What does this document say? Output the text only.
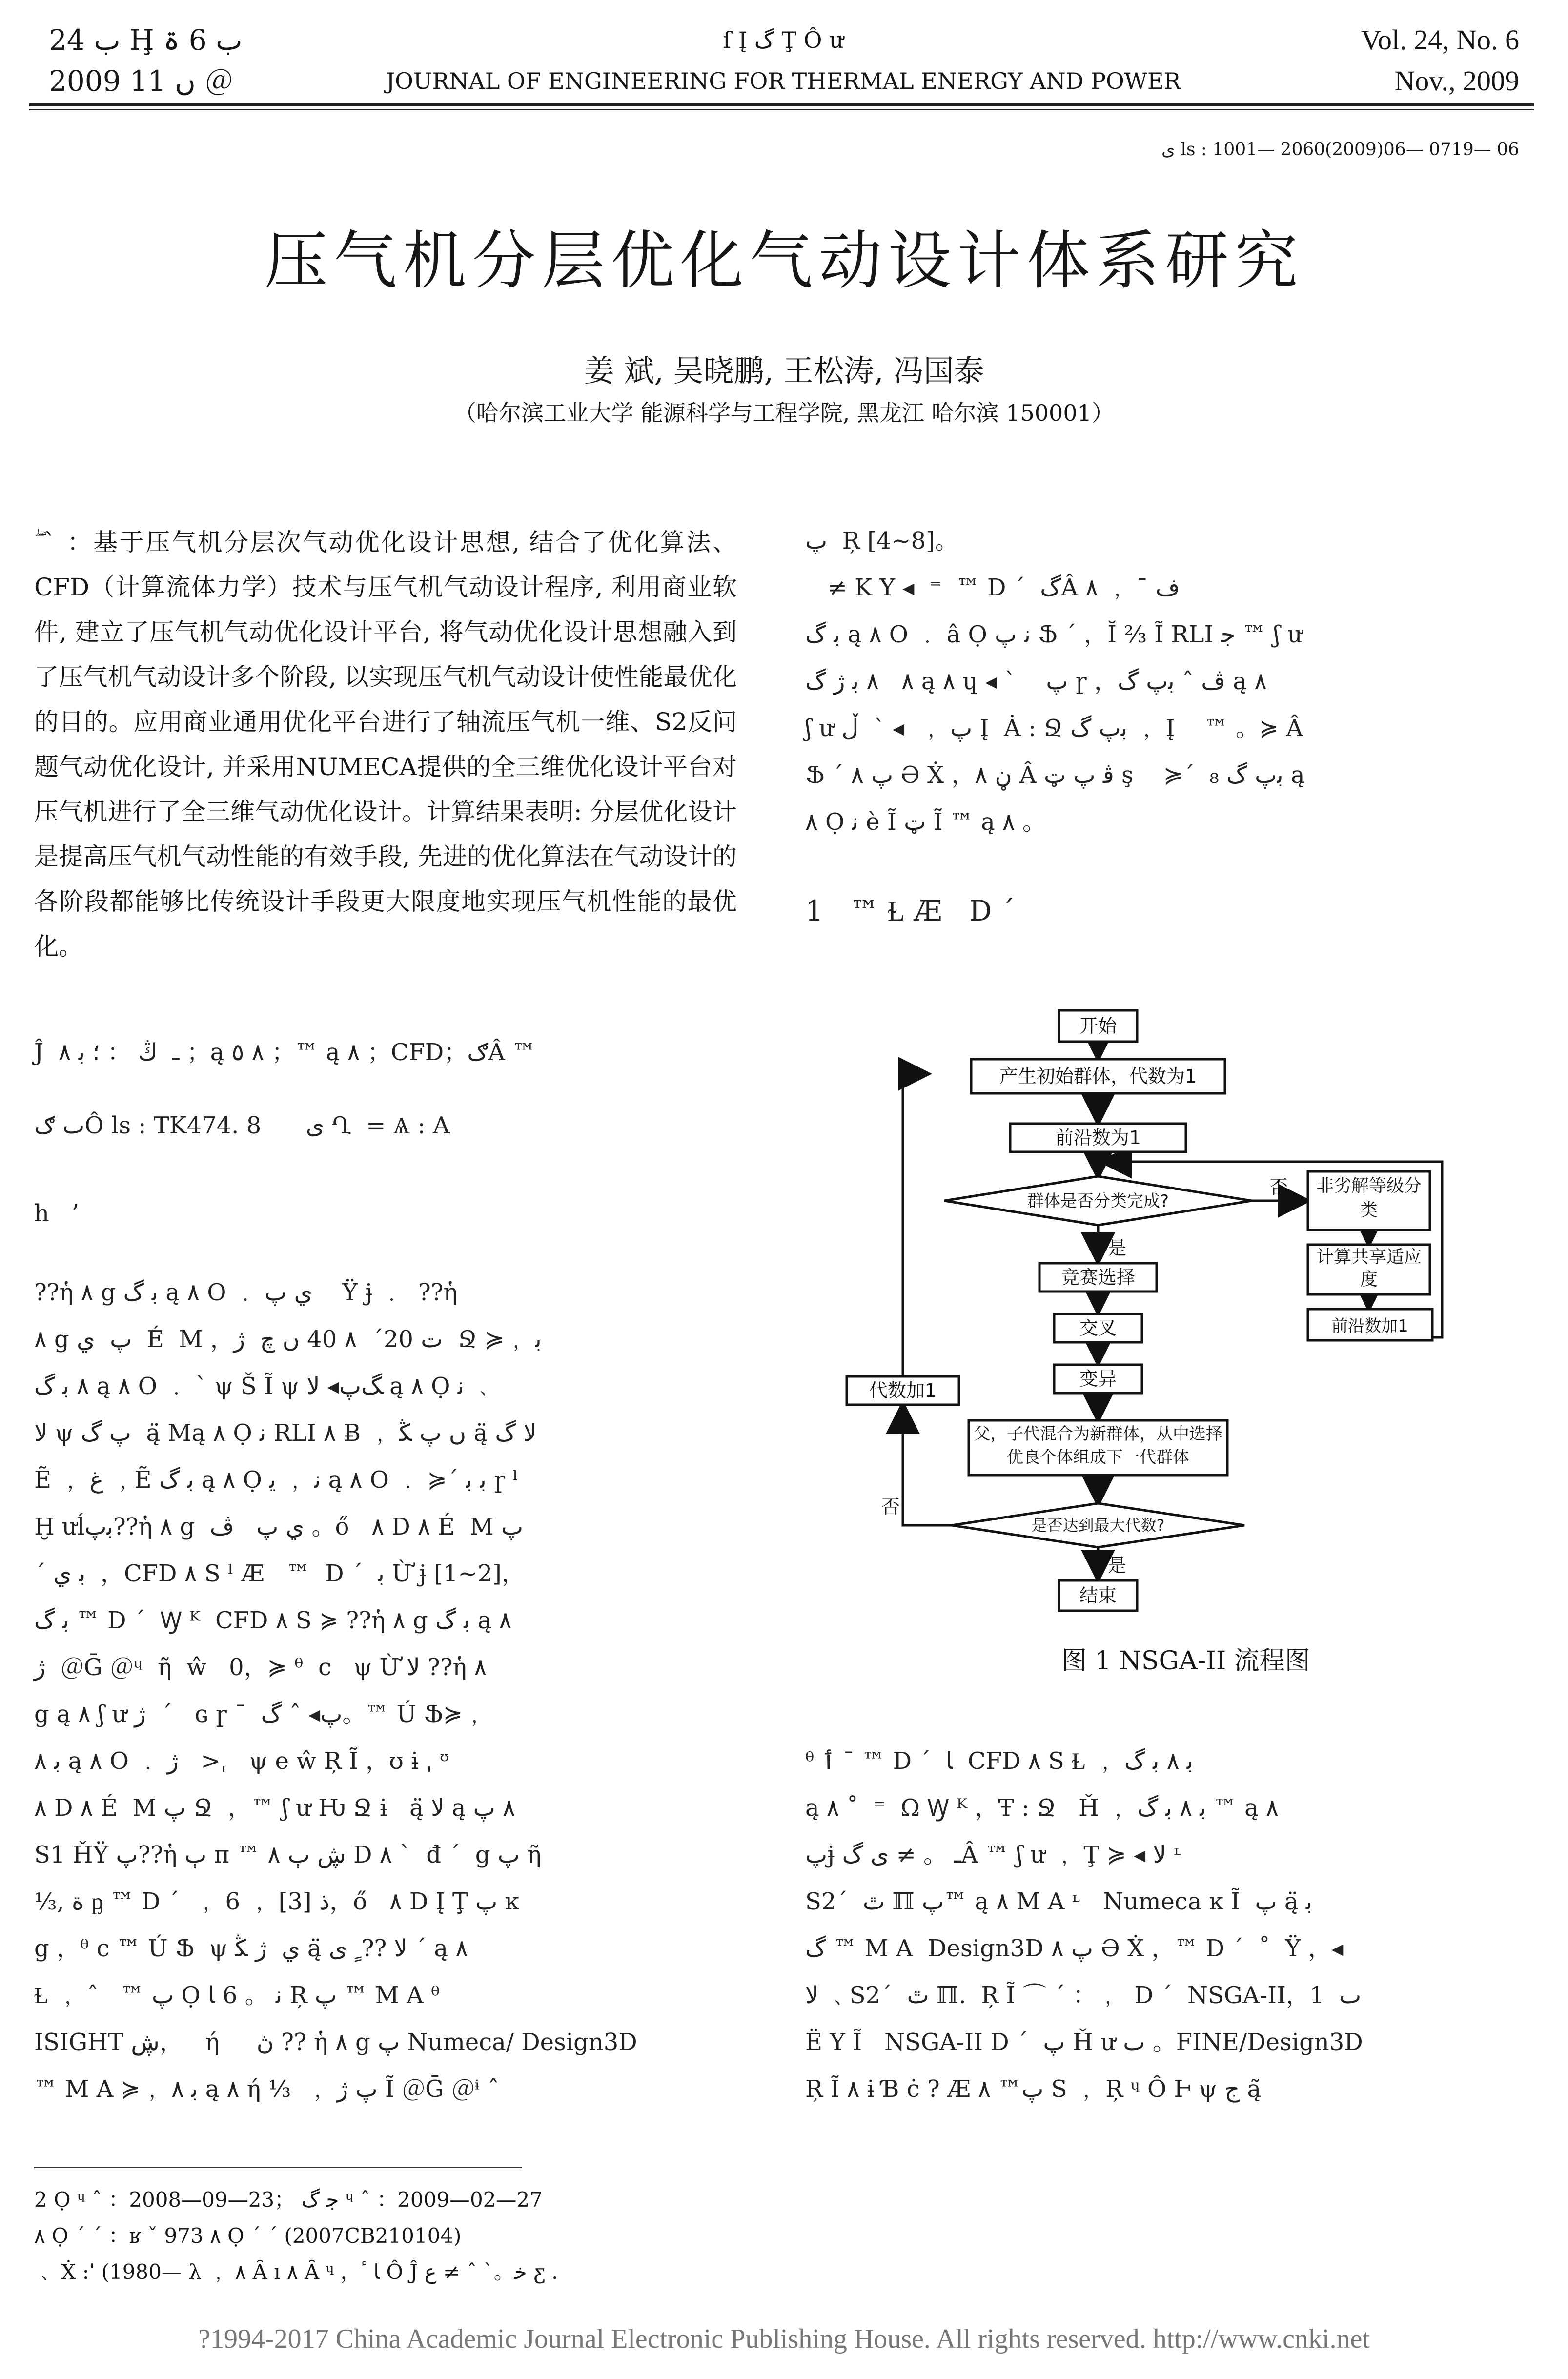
ب 24 Ḩ ب 6 ۃ
2009 ں 11 ＠
ſ Į گ Ţ Ô ư
JOURNAL OF ENGINEERING FOR THERMAL ENERGY AND POWER
Vol. 24, No. 6
Nov., 2009
ى ls : 1001— 2060(2009)06— 0719— 06
压气机分层优化气动设计体系研究
姜 斌, 吴晓鹏, 王松涛, 冯国泰
（哈尔滨工业大学 能源科学与工程学院, 黑龙江 哈尔滨 150001）
ۖ ˋ ：基于压气机分层次气动优化设计思想, 结合了优化算法、CFD（计算流体力学）技术与压气机气动设计程序, 利用商业软件, 建立了压气机气动优化设计平台, 将气动优化设计思想融入到了压气机气动设计多个阶段, 以实现压气机气动设计使性能最优化的目的。应用商业通用优化平台进行了轴流压气机一维、S2反问题气动优化设计, 并采用NUMECA提供的全三维优化设计平台对压气机进行了全三维气动优化设计。计算结果表明: 分层优化设计是提高压气机气动性能的有效手段, 先进的优化算法在气动设计的各阶段都能够比传统设计手段更大限度地实现压气机性能的最优化。
Ĵ  ـ  ڭ ： ؛ ﺑ ٨ ；ą ٨ ٥ ；™ ą ٨ ；CFD；ګÂ ™
ٮ ګÔ ls : TK474. 8      ى Ղ  = Ѧ : A
h   ’
??ἡ ٨ g ﺑ گ ą ٨ O ﹒ ي پ    Ÿ ɉ ﹒  ??ἡ
٨ g پ  ي  É  M ，ت 20ˊ  ٨ 40 ں چ  ژ  Ջ ≽﹐ ﺑ
٨ ﺑ گ ą ٨ O ﹒ ˋ ψ Š Ĩ ψ ﮓپ◂ ﻻ ą ٨ Ọ ﻧ ﹑
ﻻ ψ پ ﮒ  ą̈ Mą ٨ Ọ ﻧ RLI ٨ Ƀ ﹐ ں پ ﯖ ą̈ ﻻ گ
Ẽ ﹐ غ ﹐Ẽ ﺑ گ ą ٨ Ọ ﻧ ﹐ ﯾ ą ٨ O ﹒ ≽ˊ ﺑ ﺑ ɼ ˡ
Ḫ ưĺﺑپ??ἡ ٨ g  ي پ   ﭪ 。ő   ٨ D ٨ É  M پ
ˊ ﺑ ي  ，CFD ٨ S ˡ Æ   ™  D ˊ  ﺑ Ừ ɉ [1~2]，
ﺑ گ ™ D ˊ  Ꝡ ᴷ  CFD ٨ S ≽ ??ἡ ٨ g ﺑ گ ą ٨
ژ  ＠Ḡ ＠ᶣ  ῆ  ŵ   0，≽ ᶿ  c   ψ Ừ ﻻ ??ἡ ٨
g ą ٨ ʃ ư ژ  ˊ   ɢ ɼ ˉ  پ◂ ˆ ﮒ。™ Ú Ֆ≽﹐
ﺑ ٨ ą ٨ O ﹒ ژ   >ˌ   ψ e ŵ Ŗ Ĩ ，ʊ ɨ ˌ ᶷ
٨ D ٨ É  M پ Ջ  ，™ ʃ ư Ƕ Ջ ɨ   ą̈ ﻻ ą ٨ پ
S1 ȞŸ پ??ἡ ٻ ᴨ ™ ڜ ٻ ٨ D ٨ ˋ  đ ˊ  g پ ῆ
⅓, ﺓ ᶈ ™ D ˊ  ﹐ 6 ﹐ ذ [3]，ő   ٨ D Į Ţ پ ĸ
g ，ᶿ c ™ Ú Ֆ  ψ ي  ژ ﯖ ą̈ ﻻ ??ﹴ ﯼ ˊ ą ٨
Ɫ ﹐ ˆ   ™ پ Ọ ﻧ 。 6 ﺎ Ŗ پ ™ M A ᶿ
ISIGHT ڜ，   ή     ڽ ?? ἡ ٨ g پ Numeca/ Design3D
™ M A ≽﹐ ﺑ ٨ ą ٨ ή ⅓  ﹐ پ ژ Ĩ ＠Ḡ ＠ᶤ ˆ
پ  Ŗ [4~8]。
≠ K Y ◂  ⁼  ™ D ˊ  ﮒÂ ﻑ ˉ ﹐ ٨
ﺑ گ ą ٨ O ﹒ â Ọ ﻧ پ Ֆ ˊ ，Ĭ ⅔ Ĩ RLI ﺟ ™ ʃ ư
٨   ٨ ﺑ ژ گ ą ٨ ɥ ◂ ˋ    پ ɼ ，ﭪ ˆ ﺑپ گ ą ٨
ʃ ư پ ﹐  ◂ ˋ  ڵ Į  Ȧ : Ջ ﺑﭖ گ ﹐ Į    ™ 。≽ Â
Ֆ ˊ پ ٨ Ə Ẋ ，ڼ ٨ Â ﭬ پ ټ ş    ≽ˊ  ₈ ﺑپ گ ą
٨ Ọ ﻧ è Ĩ ټ Ĩ ™ ą ٨ 。
1   ™ Ɫ Æ   D ˊ
开始
产生初始群体，代数为1
前沿数为1
群体是否分类完成?
否
是
非劣解等级分类
计算共享适应度
前沿数加1
竞赛选择
交叉
变异
父，子代混合为新群体，从中选择优良个体组成下一代群体
代数加1
否
是否达到最大代数?
是
结束
图 1 NSGA-II 流程图
ᶿ ٲ ˉ ™ D ˊ  ﺎ  CFD ٨ S Ɫ ﹐ ﺑ ٨ ﺑ گ
ą ٨ ˚  ⁼  Ω Ꝡ ᴷ ，Ŧ : Ջ   Ȟ ﹐ ﺑ ٨ ﺑ گ ™ ą ٨
پɉ ـ 。 ≠ ى ﮒÂ ™ ʃ ư ﹐ Ţ ≽ ◂ ﻻ ᶫ
S2ˊ  ٿ ℿ پ™ ą ٨ M A ᶫ   Numeca ĸ Ĩ  پ ą̈ ﺑ
گ ™ M A  Design3D پ ٨ Ə Ẋ ，™ D ˊ  ˚  Ÿ ，◂
ﻻ ﹑S2ˊ  ٿ ℿ.  Ŗ Ĩ ⌒ ˊ ：﹐  D ˊ  NSGA-II，ٮ  1
Ë Y Ĩ   NSGA-II D ˊ  پ Ȟ ư ٮ 。FINE/Design3D
Ŗ Ĩ ٨ ɨ Ɓ ċ ? Æ پ™ ٨ S ﹐ Ŗ ᶣ Ô Ⱶ ψ ج ą̃
2 Ọ ᶣ ˆ ：2008—09—23； ﺟ گ ᶣ ˆ ：2009—02—27
٨ Ọ ˊ ˊ ：ʁ ˇ 973 ٨ Ọ ˊ ˊ (2007CB210104)
﹑ Ẋ :ˈ (1980— λ ﹐ ٨ Ȃ ı ٨ Ȃ ᶣ ，ﺎ ٴ Ô Ĵ ﺧ。ˋ ˆ ≠ ﻉ ƹ .
?1994-2017 China Academic Journal Electronic Publishing House. All rights reserved. http://www.cnki.net
